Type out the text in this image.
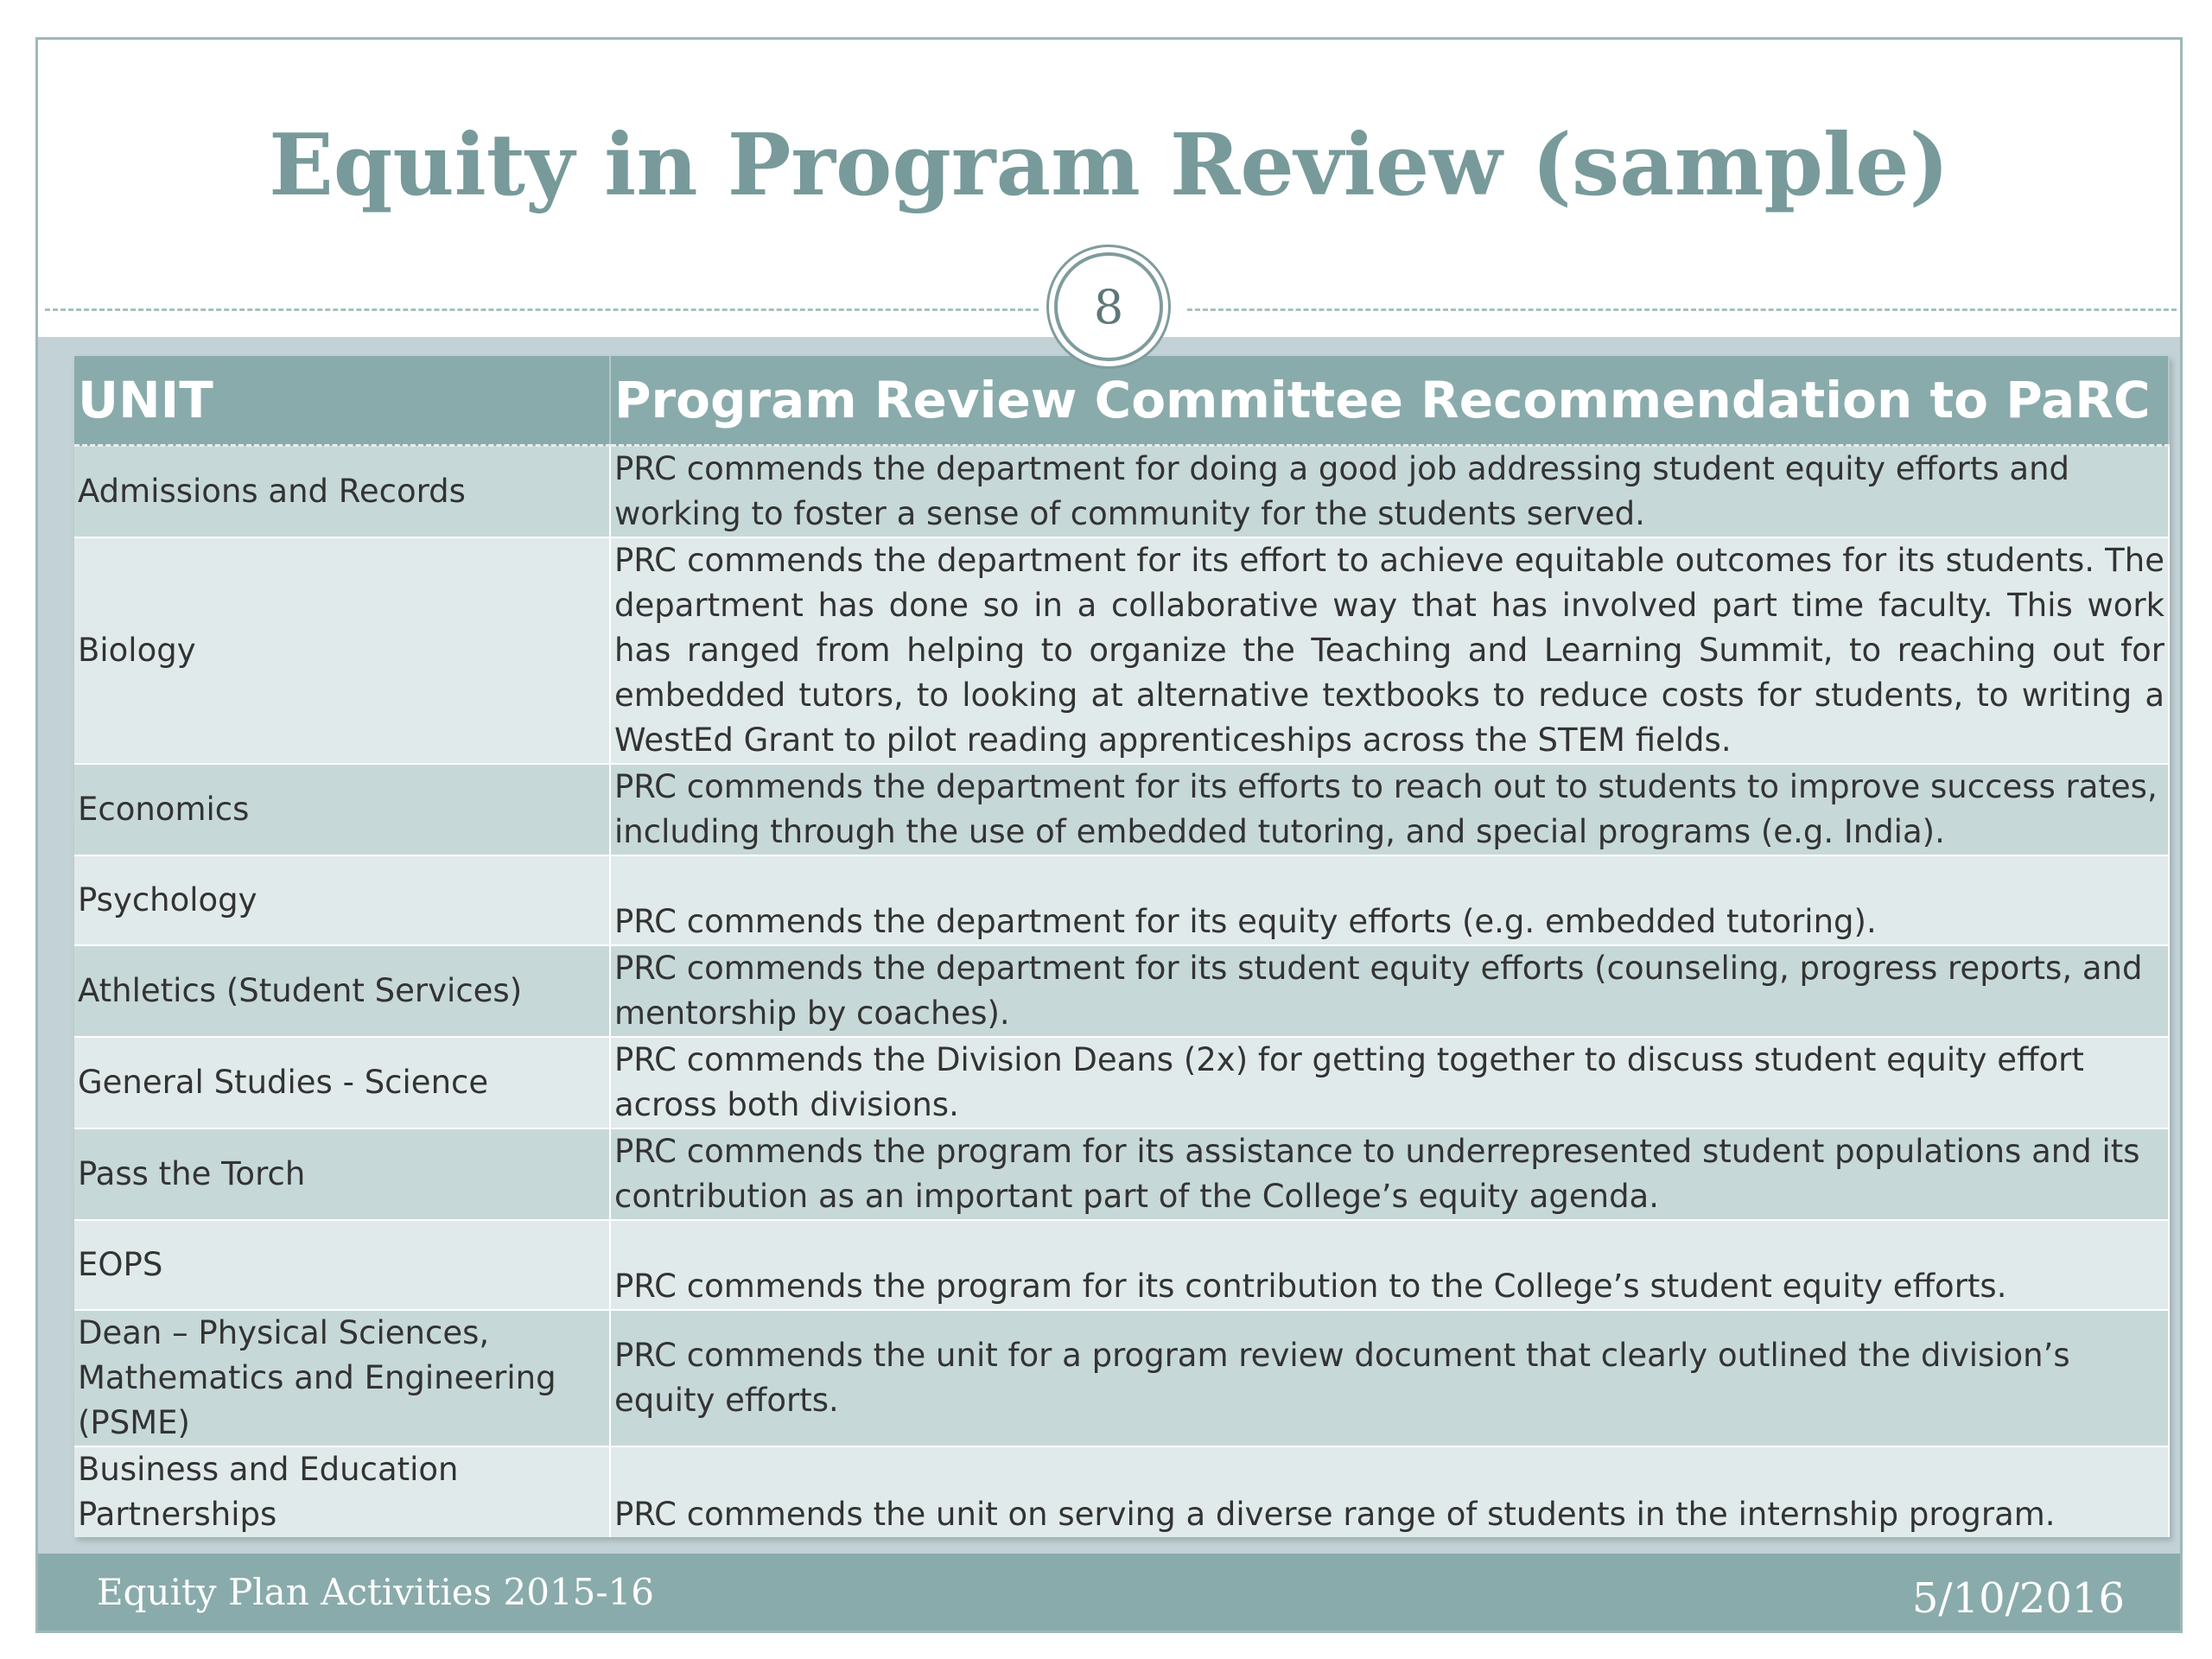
Equity in Program Review (sample)
8
UNIT	Program Review Committee Recommendation to PaRC
Admissions and Records	PRC commends the department for doing a good job addressing student equity efforts and working to foster a sense of community for the students served.
Biology	PRC commends the department for its effort to achieve equitable outcomes for its students. The department has done so in a collaborative way that has involved part time faculty. This work has ranged from helping to organize the Teaching and Learning Summit, to reaching out for embedded tutors, to looking at alternative textbooks to reduce costs for students, to writing a WestEd Grant to pilot reading apprenticeships across the STEM fields.
Economics	PRC commends the department for its efforts to reach out to students to improve success rates, including through the use of embedded tutoring, and special programs (e.g. India).
Psychology	PRC commends the department for its equity efforts (e.g. embedded tutoring).
Athletics (Student Services)	PRC commends the department for its student equity efforts (counseling, progress reports, and mentorship by coaches).
General Studies - Science	PRC commends the Division Deans (2x) for getting together to discuss student equity effort across both divisions.
Pass the Torch	PRC commends the program for its assistance to underrepresented student populations and its contribution as an important part of the College’s equity agenda.
EOPS	PRC commends the program for its contribution to the College’s student equity efforts.
Dean – Physical Sciences, Mathematics and Engineering (PSME)	PRC commends the unit for a program review document that clearly outlined the division’s equity efforts.
Business and Education Partnerships	PRC commends the unit on serving a diverse range of students in the internship program.
Equity Plan Activities 2015-16	5/10/2016
